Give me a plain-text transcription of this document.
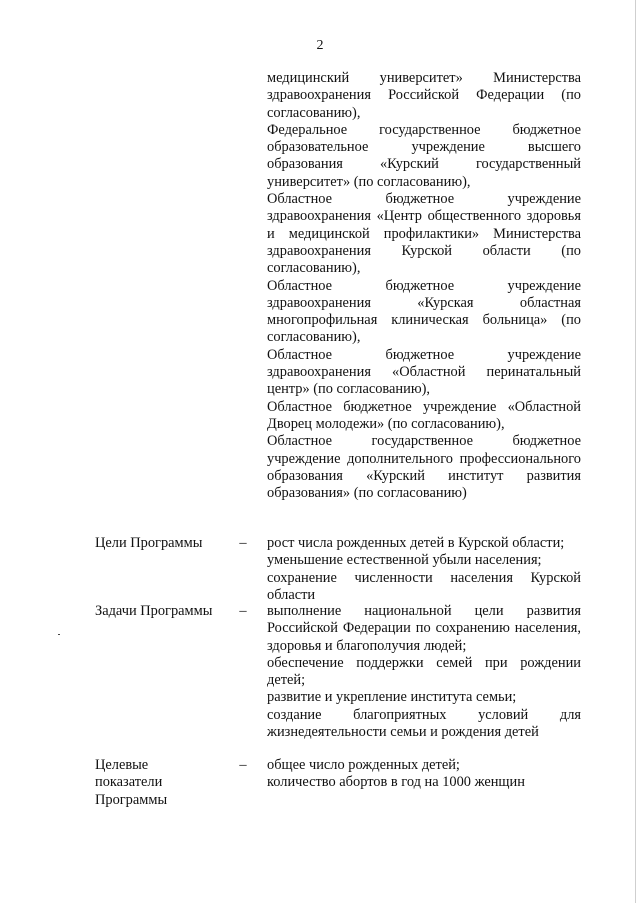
2

медицинский университет» Министерства здравоохранения Российской Федерации (по согласованию),

Федеральное государственное бюджетное образовательное учреждение высшего образования «Курский государственный университет» (по согласованию),

Областное бюджетное учреждение здравоохранения «Центр общественного здоровья и медицинской профилактики» Министерства здравоохранения Курской области (по согласованию),

Областное бюджетное учреждение здравоохранения «Курская областная многопрофильная клиническая больница» (по согласованию),

Областное бюджетное учреждение здравоохранения «Областной перинатальный центр» (по согласованию),

Областное бюджетное учреждение «Областной Дворец молодежи» (по согласованию),

Областное государственное бюджетное учреждение дополнительного профессионального образования «Курский институт развития образования» (по согласованию)

Цели Программы	– рост числа рожденных детей в Курской области;

уменьшение естественной убыли населения;

сохранение численности населения Курской области

Задачи Программы	– выполнение национальной цели развития Российской Федерации по сохранению населения, здоровья и благополучия людей;

обеспечение поддержки семей при рождении детей;

развитие и укрепление института семьи;

создание благоприятных условий для жизнедеятельности семьи и рождения детей

Целевые
показатели
Программы
– общее число рожденных детей;

количество абортов в год на 1000 женщин
